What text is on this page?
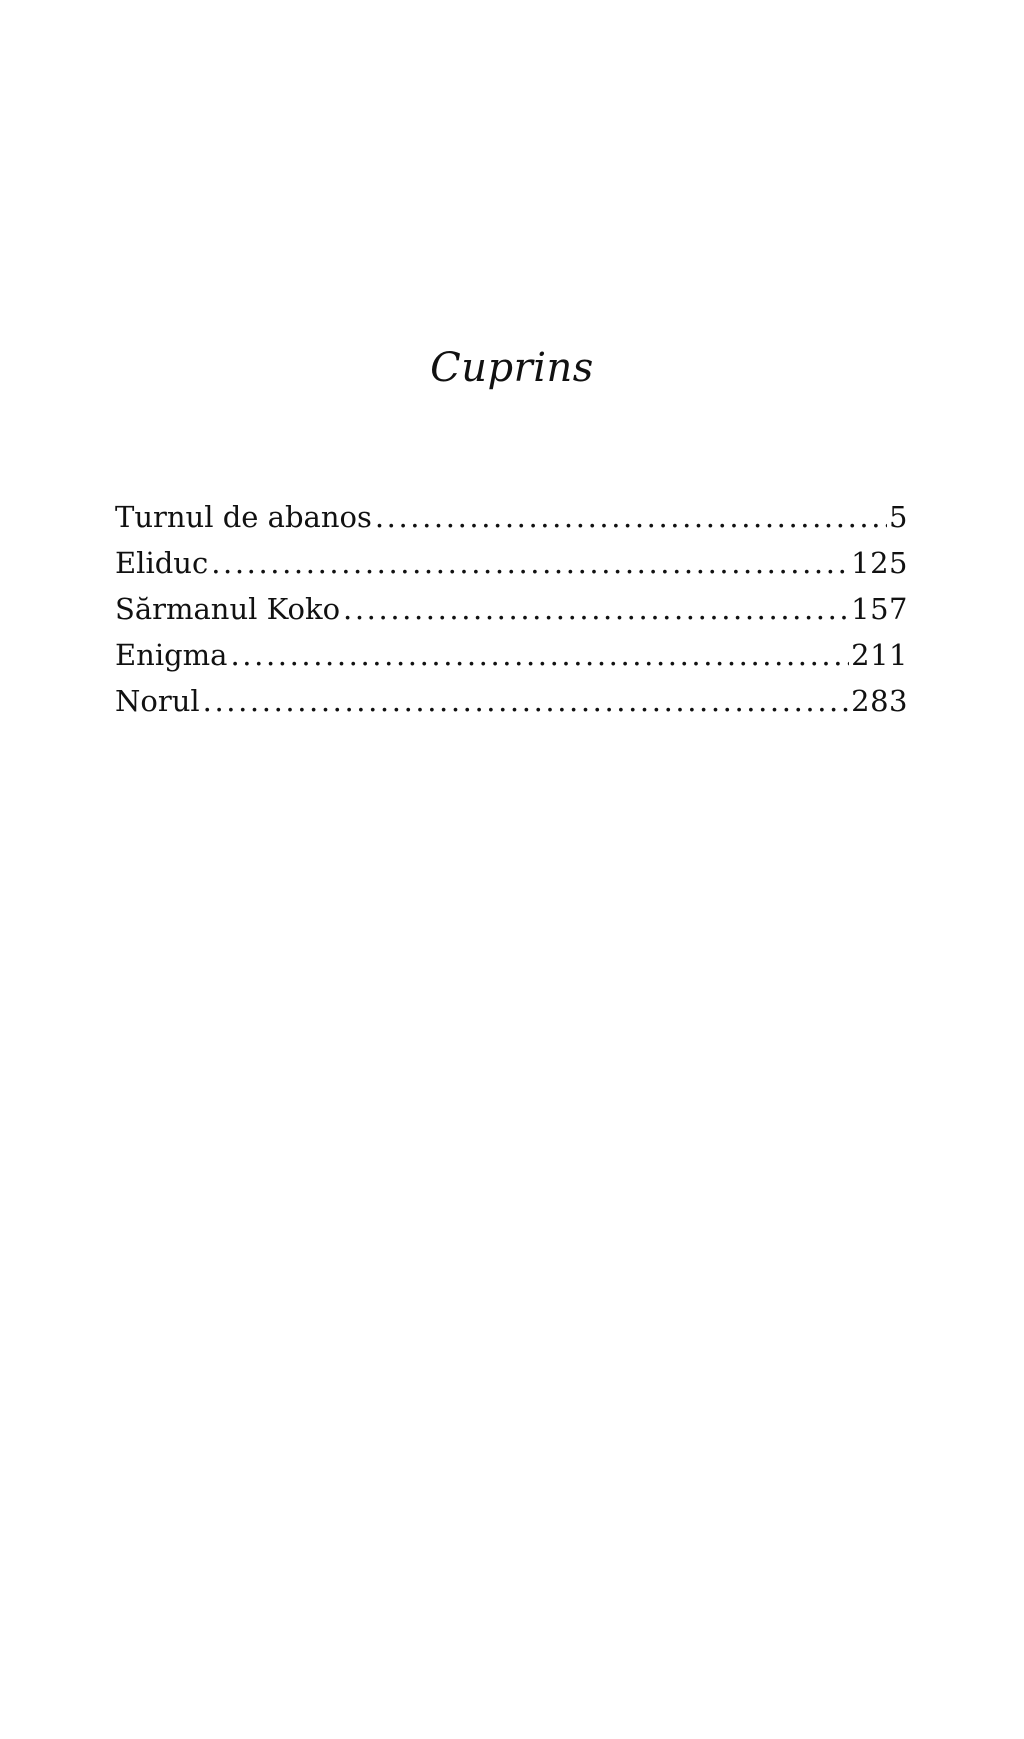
Cuprins
Turnul de abanos .....	5
Eliduc .....	125
Sărmanul Koko .....	157
Enigma .....	211
Norul .....	283
